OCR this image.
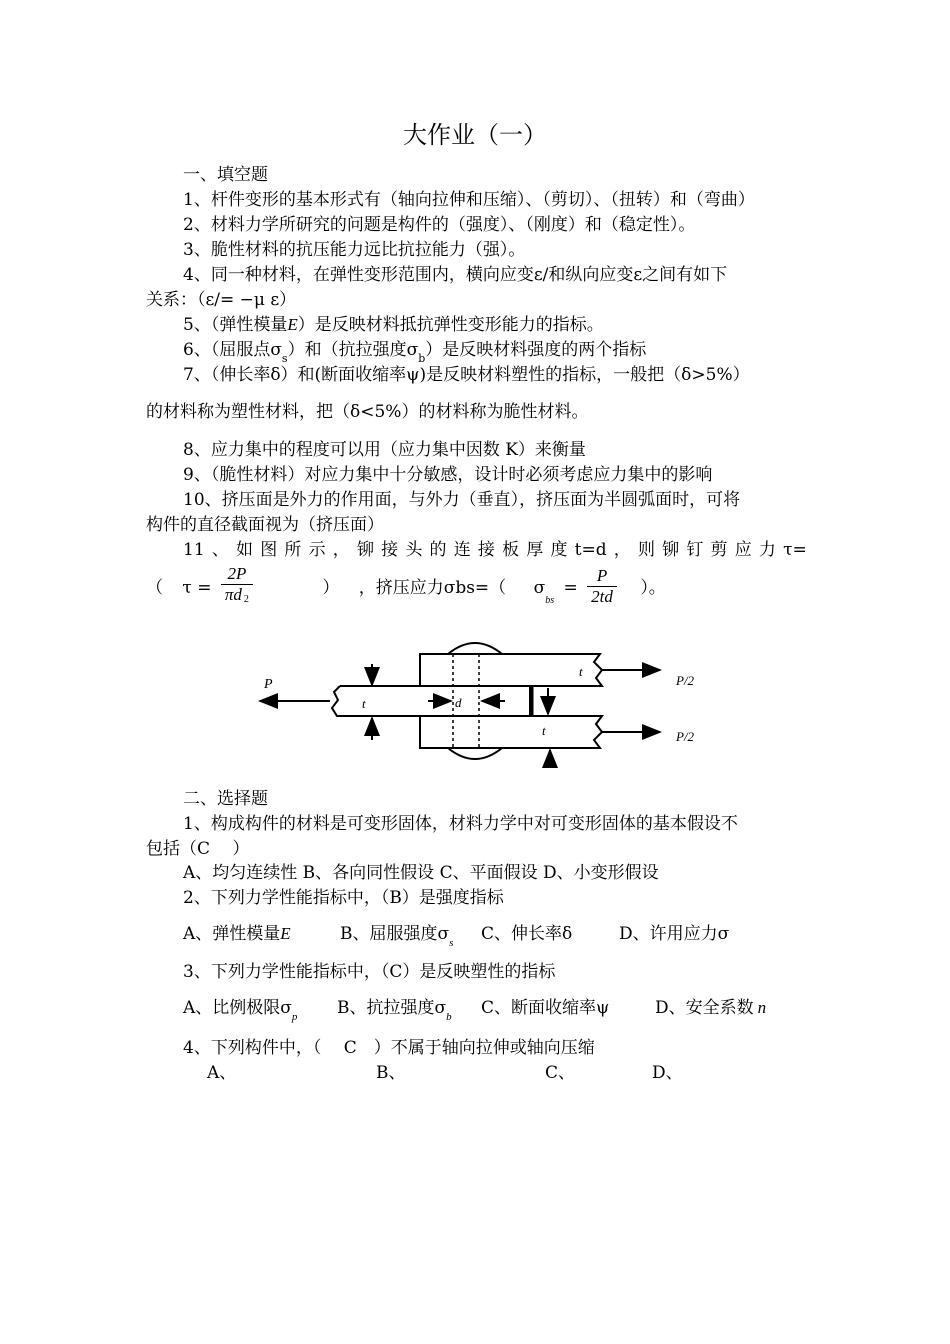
大作业（一）
一、填空题
1、杆件变形的基本形式有（轴向拉伸和压缩）、（剪切）、（扭转）和（弯曲）
2、材料力学所研究的问题是构件的（强度）、（刚度）和（稳定性）。
3、脆性材料的抗压能力远比抗拉能力（强）。
4、同一种材料，在弹性变形范围内，横向应变ε/和纵向应变ε之间有如下
关系：（ε/= −μ ε）
5、（弹性模量E）是反映材料抵抗弹性变形能力的指标。
6、（屈服点$\sigma_s$）和（抗拉强度$\sigma_b$）是反映材料强度的两个指标
7、（伸长率δ）和(断面收缩率ψ)是反映材料塑性的指标，一般把（δ>5%）
的材料称为塑性材料，把（δ<5%）的材料称为脆性材料。
8、应力集中的程度可以用（应力集中因数 K）来衡量
9、（脆性材料）对应力集中十分敏感，设计时必须考虑应力集中的影响
10、挤压面是外力的作用面，与外力（垂直），挤压面为半圆弧面时，可将
构件的直径截面视为（挤压面）
11 、 如 图 所 示 ， 铆 接 头 的 连 接 板 厚 度 t=d ， 则 铆 钉 剪 应 力 τ=
（ $\tau = \frac{2P}{\pi d 2}$	） ，挤压应力σbs=（ $\sigma_{bs} = \frac{P}{2td}$ ）。
P	P/2
P/2
t
t
t
d
二、选择题
1、构成构件的材料是可变形固体，材料力学中对可变形固体的基本假设不
包括（C　 ）
A、均匀连续性 B、各向同性假设 C、平面假设 D、小变形假设
2、下列力学性能指标中，（B）是强度指标
A、弹性模量E	B、屈服强度$\sigma_s$ C、伸长率δ	D、许用应力σ
3、下列力学性能指标中，（C）是反映塑性的指标
A、比例极限$\sigma_p$ B、抗拉强度$\sigma_b$ C、断面收缩率ψ	D、安全系数 n
4、下列构件中，（　 C　）不属于轴向拉伸或轴向压缩
A、	B、	C、	D、
